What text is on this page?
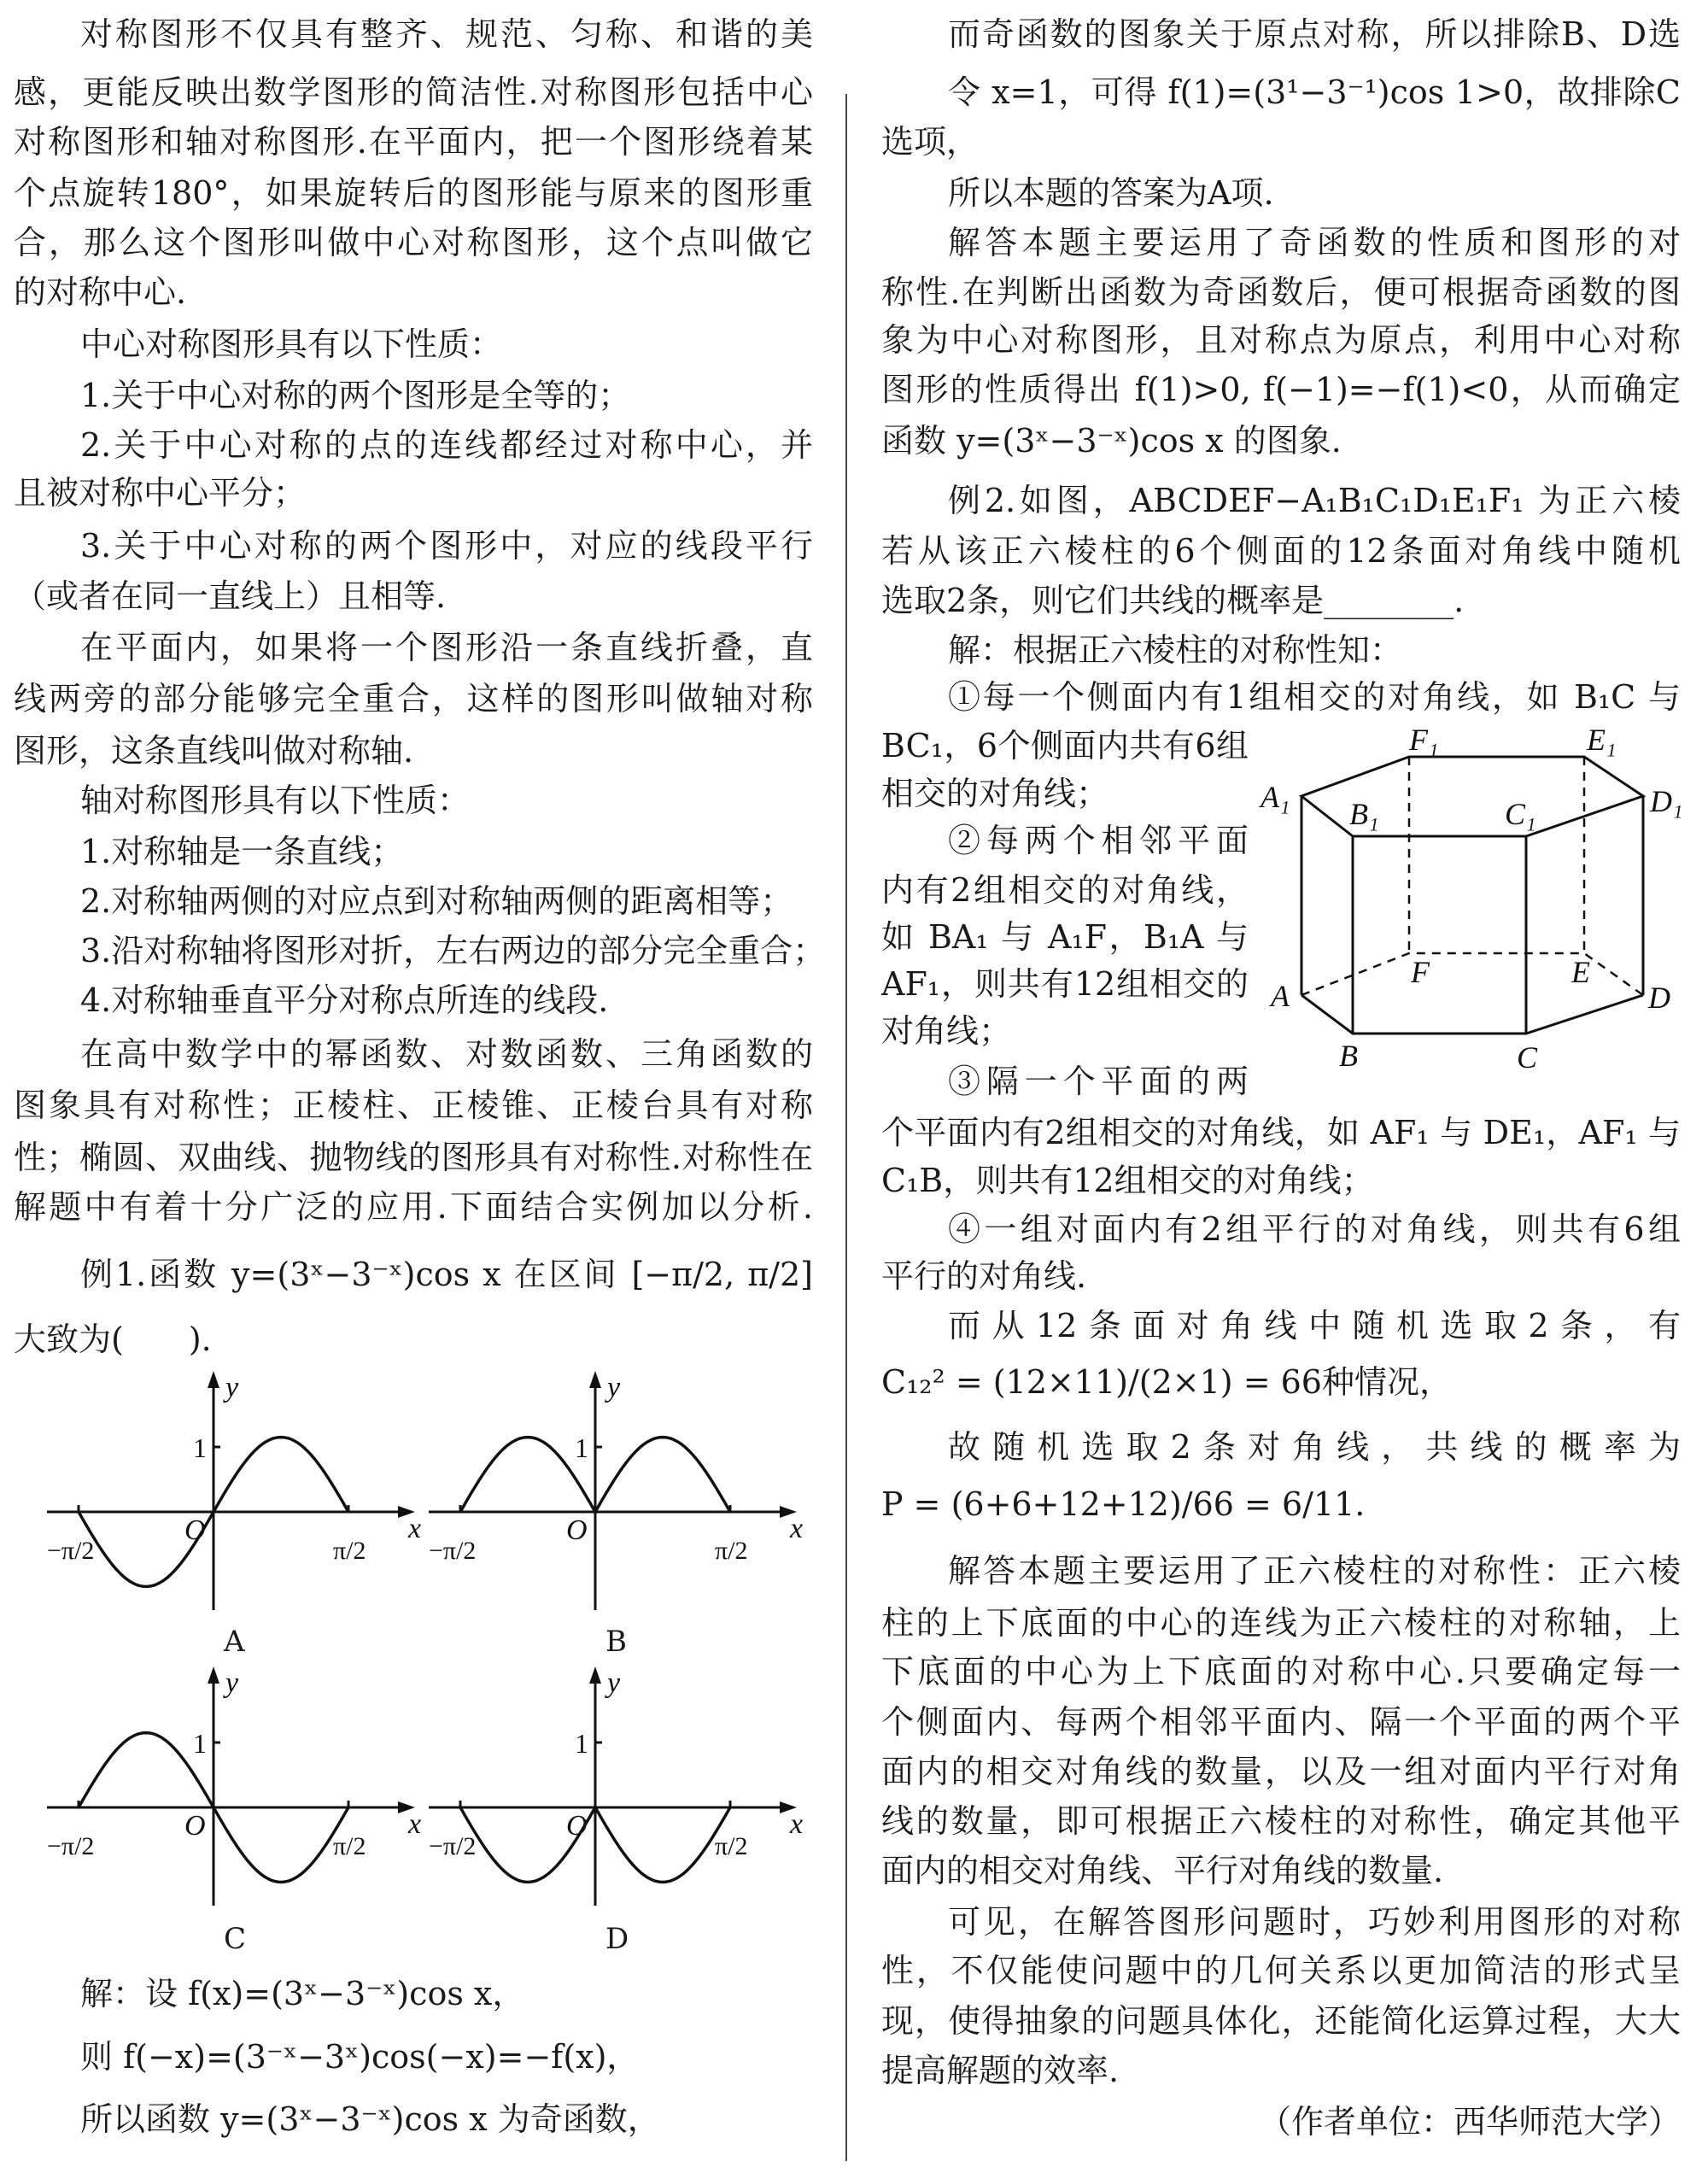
对称图形不仅具有整齐、规范、匀称、和谐的美
感，更能反映出数学图形的简洁性.对称图形包括中心
对称图形和轴对称图形.在平面内，把一个图形绕着某
个点旋转180°，如果旋转后的图形能与原来的图形重
合，那么这个图形叫做中心对称图形，这个点叫做它
的对称中心.
中心对称图形具有以下性质：
1.关于中心对称的两个图形是全等的；
2.关于中心对称的点的连线都经过对称中心，并
且被对称中心平分；
3.关于中心对称的两个图形中，对应的线段平行
（或者在同一直线上）且相等.
在平面内，如果将一个图形沿一条直线折叠，直
线两旁的部分能够完全重合，这样的图形叫做轴对称
图形，这条直线叫做对称轴.
轴对称图形具有以下性质：
1.对称轴是一条直线；
2.对称轴两侧的对应点到对称轴两侧的距离相等；
3.沿对称轴将图形对折，左右两边的部分完全重合；
4.对称轴垂直平分对称点所连的线段.
在高中数学中的幂函数、对数函数、三角函数的
图象具有对称性；正棱柱、正棱锥、正棱台具有对称
性；椭圆、双曲线、抛物线的图形具有对称性.对称性在
解题中有着十分广泛的应用.下面结合实例加以分析.
例1.函数 y=(3ˣ−3⁻ˣ)cos x 在区间 [−π/2, π/2]
大致为(　　).
解：设 f(x)=(3ˣ−3⁻ˣ)cos x，
则 f(−x)=(3⁻ˣ−3ˣ)cos(−x)=−f(x)，
所以函数 y=(3ˣ−3⁻ˣ)cos x 为奇函数，
而奇函数的图象关于原点对称，所以排除B、D选
令 x=1，可得 f(1)=(3¹−3⁻¹)cos 1>0，故排除C
选项，
所以本题的答案为A项.
解答本题主要运用了奇函数的性质和图形的对
称性.在判断出函数为奇函数后，便可根据奇函数的图
象为中心对称图形，且对称点为原点，利用中心对称
图形的性质得出 f(1)>0, f(−1)=−f(1)<0，从而确定
函数 y=(3ˣ−3⁻ˣ)cos x 的图象.
例2.如图，ABCDEF−A₁B₁C₁D₁E₁F₁ 为正六棱
若从该正六棱柱的6个侧面的12条面对角线中随机
选取2条，则它们共线的概率是________.
解：根据正六棱柱的对称性知：
①每一个侧面内有1组相交的对角线，如 B₁C 与
BC₁，6个侧面内共有6组
相交的对角线；
②每两个相邻平面
内有2组相交的对角线，
如 BA₁ 与 A₁F，B₁A 与
AF₁，则共有12组相交的
对角线；
③隔一个平面的两
个平面内有2组相交的对角线，如 AF₁ 与 DE₁，AF₁ 与
C₁B，则共有12组相交的对角线；
④一组对面内有2组平行的对角线，则共有6组
平行的对角线.
而从12条面对角线中随机选取2条，有
C₁₂² = (12×11)/(2×1) = 66种情况，
故随机选取2条对角线，共线的概率为
P = (6+6+12+12)/66 = 6/11.
解答本题主要运用了正六棱柱的对称性：正六棱
柱的上下底面的中心的连线为正六棱柱的对称轴，上
下底面的中心为上下底面的对称中心.只要确定每一
个侧面内、每两个相邻平面内、隔一个平面的两个平
面内的相交对角线的数量，以及一组对面内平行对角
线的数量，即可根据正六棱柱的对称性，确定其他平
面内的相交对角线、平行对角线的数量.
可见，在解答图形问题时，巧妙利用图形的对称
性，不仅能使问题中的几何关系以更加简洁的形式呈
现，使得抽象的问题具体化，还能简化运算过程，大大
提高解题的效率.
（作者单位：西华师范大学）
y
x
O
1
−π/2	π/2
A
y
x
O
1
−π/2	π/2
B
y
x
O
1
−π/2	π/2
C
y
x
O
1
−π/2	π/2
D
A₁ B₁	C₁	D₁
E₁
F₁
A
B	C
D
E
F
